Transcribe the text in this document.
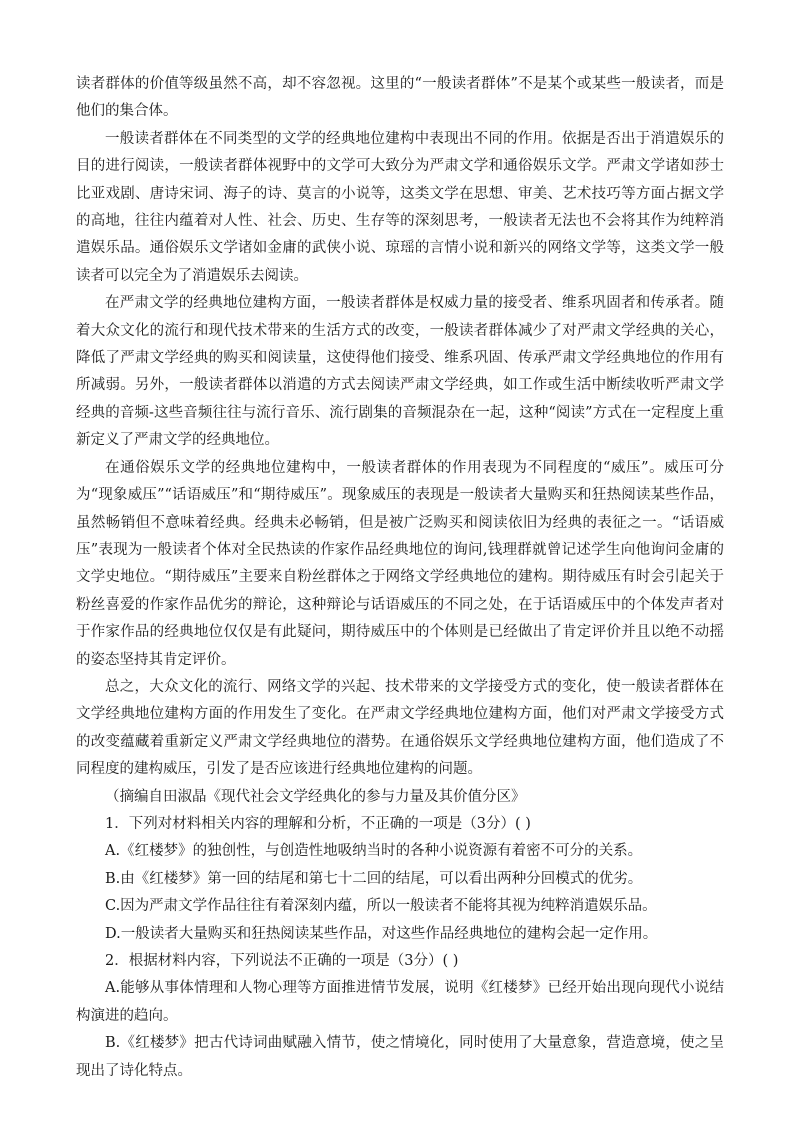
读者群体的价值等级虽然不高，却不容忽视。这里的“一般读者群体”不是某个或某些一般读者，而是他们的集合体。

一般读者群体在不同类型的文学的经典地位建构中表现出不同的作用。依据是否出于消遣娱乐的目的进行阅读，一般读者群体视野中的文学可大致分为严肃文学和通俗娱乐文学。严肃文学诸如莎士比亚戏剧、唐诗宋词、海子的诗、莫言的小说等，这类文学在思想、审美、艺术技巧等方面占据文学的高地，往往内蕴着对人性、社会、历史、生存等的深刻思考，一般读者无法也不会将其作为纯粹消遣娱乐品。通俗娱乐文学诸如金庸的武侠小说、琼瑶的言情小说和新兴的网络文学等，这类文学一般读者可以完全为了消遣娱乐去阅读。

在严肃文学的经典地位建构方面，一般读者群体是权威力量的接受者、维系巩固者和传承者。随着大众文化的流行和现代技术带来的生活方式的改变，一般读者群体减少了对严肃文学经典的关心，降低了严肃文学经典的购买和阅读量，这使得他们接受、维系巩固、传承严肃文学经典地位的作用有所减弱。另外，一般读者群体以消遣的方式去阅读严肃文学经典，如工作或生活中断续收听严肃文学经典的音频-这些音频往往与流行音乐、流行剧集的音频混杂在一起，这种“阅读”方式在一定程度上重新定义了严肃文学的经典地位。

在通俗娱乐文学的经典地位建构中，一般读者群体的作用表现为不同程度的“威压”。威压可分为“现象威压”“话语威压”和“期待威压”。现象威压的表现是一般读者大量购买和狂热阅读某些作品，虽然畅销但不意味着经典。经典未必畅销，但是被广泛购买和阅读依旧为经典的表征之一。“话语威压”表现为一般读者个体对全民热读的作家作品经典地位的询问,钱理群就曾记述学生向他询问金庸的文学史地位。“期待威压”主要来自粉丝群体之于网络文学经典地位的建构。期待威压有时会引起关于粉丝喜爱的作家作品优劣的辩论，这种辩论与话语威压的不同之处，在于话语威压中的个体发声者对于作家作品的经典地位仅仅是有此疑问，期待威压中的个体则是已经做出了肯定评价并且以绝不动摇的姿态坚持其肯定评价。

总之，大众文化的流行、网络文学的兴起、技术带来的文学接受方式的变化，使一般读者群体在文学经典地位建构方面的作用发生了变化。在严肃文学经典地位建构方面，他们对严肃文学接受方式的改变蕴藏着重新定义严肃文学经典地位的潜势。在通俗娱乐文学经典地位建构方面，他们造成了不同程度的建构威压，引发了是否应该进行经典地位建构的问题。

（摘编自田淑晶《现代社会文学经典化的参与力量及其价值分区》

1．下列对材料相关内容的理解和分析，不正确的一项是（3分）( )

A.《红楼梦》的独创性，与创造性地吸纳当时的各种小说资源有着密不可分的关系。

B.由《红楼梦》第一回的结尾和第七十二回的结尾，可以看出两种分回模式的优劣。

C.因为严肃文学作品往往有着深刻内蕴，所以一般读者不能将其视为纯粹消遣娱乐品。

D.一般读者大量购买和狂热阅读某些作品，对这些作品经典地位的建构会起一定作用。

2．根据材料内容，下列说法不正确的一项是（3分）( )

A.能够从事体情理和人物心理等方面推进情节发展，说明《红楼梦》已经开始出现向现代小说结构演进的趋向。

B.《红楼梦》把古代诗词曲赋融入情节，使之情境化，同时使用了大量意象，营造意境，使之呈现出了诗化特点。
